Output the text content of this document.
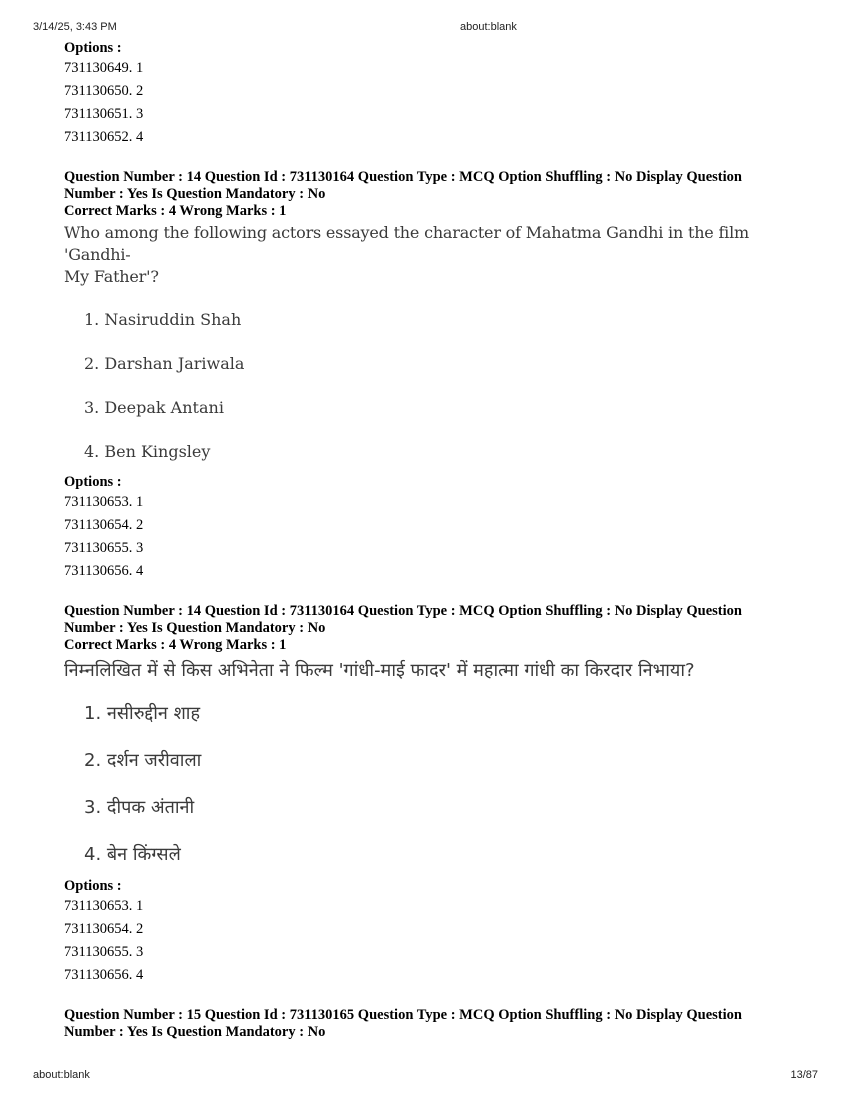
3/14/25, 3:43 PM	about:blank
Options :
731130649. 1
731130650. 2
731130651. 3
731130652. 4
Question Number : 14 Question Id : 731130164 Question Type : MCQ Option Shuffling : No Display Question
Number : Yes Is Question Mandatory : No
Correct Marks : 4 Wrong Marks : 1
Who among the following actors essayed the character of Mahatma Gandhi in the film 'Gandhi-
My Father'?
1. Nasiruddin Shah
2. Darshan Jariwala
3. Deepak Antani
4. Ben Kingsley
Options :
731130653. 1
731130654. 2
731130655. 3
731130656. 4
Question Number : 14 Question Id : 731130164 Question Type : MCQ Option Shuffling : No Display Question
Number : Yes Is Question Mandatory : No
Correct Marks : 4 Wrong Marks : 1
निम्नलिखित में से किस अभिनेता ने फिल्म 'गांधी-माई फादर' में महात्मा गांधी का किरदार निभाया?
1. नसीरुद्दीन शाह
2. दर्शन जरीवाला
3. दीपक अंतानी
4. बेन किंग्सले
Options :
731130653. 1
731130654. 2
731130655. 3
731130656. 4
Question Number : 15 Question Id : 731130165 Question Type : MCQ Option Shuffling : No Display Question
Number : Yes Is Question Mandatory : No
about:blank	13/87
